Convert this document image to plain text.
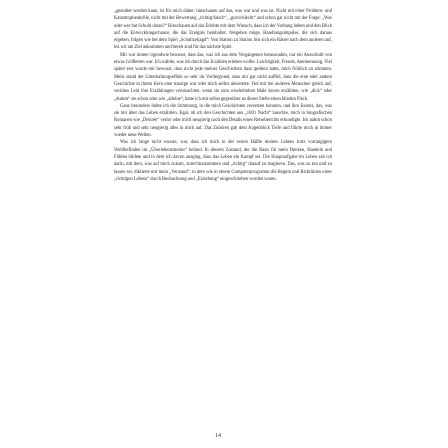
„gestaltet werden kann, ist für mich daher: hinschauen auf das, was war und was ist. Nicht mit einer Problem- und Katastrophenbrille, nicht mit der Bewertung „richtig/falsch“, „gut/schlecht“ und schon gar nicht mit der Frage: „Was oder wer hat Schuld daran?“ Hinschauen auf das Erlebte mit dem Wunsch, dass ich der Vorhang heben und den Blick auf die Entwicklungschance, die das Ereignis beinhaltet, freigeben möge. Handlungsimpulse, die sich daraus ergeben, folgen wie bei dem Spiel „Schnitzeljagd“: Von Station zu Station löst sich ein Rätsel nach dem anderen auf, bis wir am Ziel ankommen und bereit sind für das nächste Spiel.

Mir war immer irgendwie bewusst, dass das, was ich aus dem Vergangenen herausnahm, nur ein Ausschnitt von etwas Größerem war. Ich wählte, was ich durch das Erzählen erleben wollte. Leichtigkeit, Freude, Anerkennung. Viel später erst wurde mir bewusst, dass nicht jede meiner Geschichten dazu gedient hatte, mich fröhlich zu stimmen. Meist stand der Unterhaltungseffekt so sehr im Vordergrund, dass mir gar nicht auffiel, dass die eine oder andere Geschichte in ihrem Kern eine traurige war oder mich selbst abwertete. Fiel mir bei anderen Menschen gleich auf, welches Leid ihre Erzählungen verursachten, wenn sie zum wiederholten Male davon erzählten, wie „dick“ oder „dumm“ sie schon oder wie „alleine“, hatte ich mir selbst gegenüber an dieser Stelle einen blinden Fleck.

Ganz besonders liebte ich die Stimmung, in die mich Geschichten versetzen konnten, und ihre Essenz, das, was sie mir über das Leben erzählten. Egal, ob ich den Geschichten aus „1001 Nacht“ lauschte, mich in biografischen Romanen wie „Désirée“ verlor oder mich neugierig nach den Details eines Reiseberichts erkundigte. Ich nahm schon sehr früh und sehr neugierig alles in mich auf. Das Zuhören gab dem Augenblick Tiefe und führte mich in immer wieder neue Welten.

Was ich lange nicht wusste, war, dass ich mich in der ersten Hälfte meines Lebens trotz vorrangigem Wohlbefinden im „Überlebensmodus“ befand. In diesem Zustand, der die Basis für mein Denken, Handeln und Fühlen bildete und in dem ich davon ausging, dass das Leben ein Kampf sei. Die Hauptaufgabe im Leben sah ich darin, mit dem, was auf mich zukam, zurechtzukommen und „richtig“ darauf zu reagieren. Das, was zu tun und zu lassen sei, diktierte mir mein „Verstand“, in dem wie in einem Computerprogramm die Regeln und Richtlinien eines „richtigen Lebens“ durch Beobachtung und „Erziehung“ eingeschrieben worden waren.

14
